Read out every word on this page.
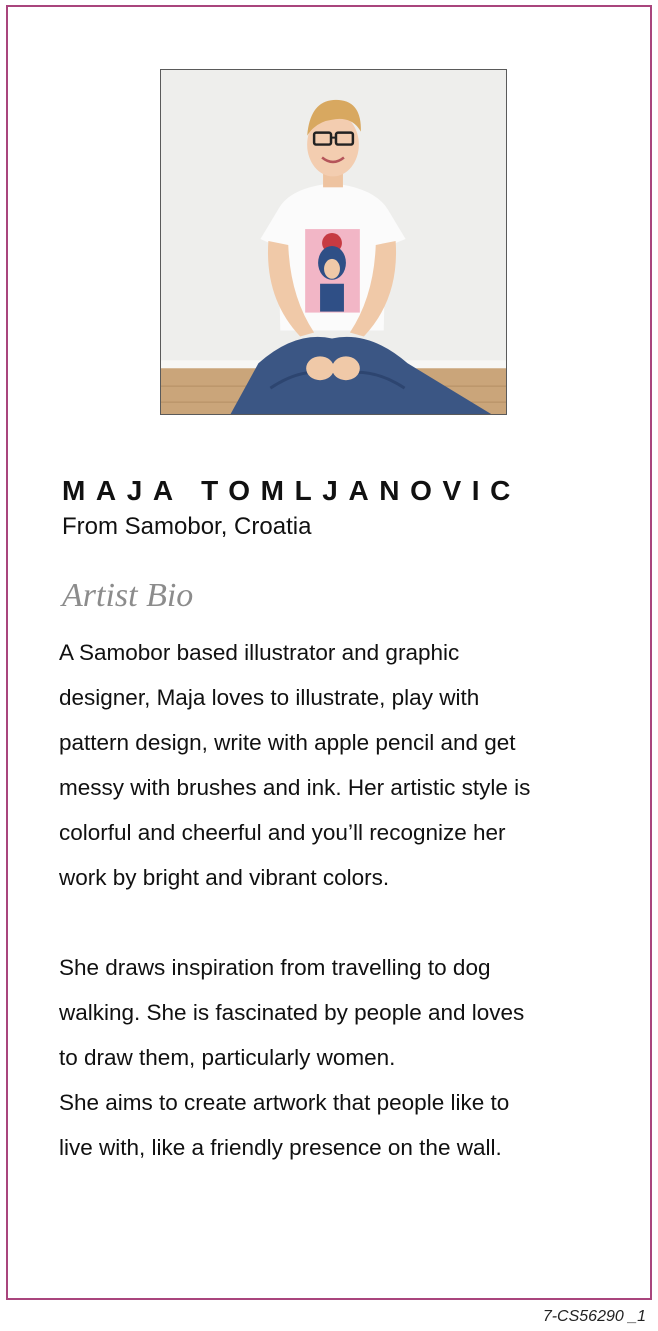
MAJA TOMLJANOVIC
From Samobor, Croatia
Artist Bio
A Samobor based illustrator and graphic
designer, Maja loves to illustrate, play with
pattern design, write with apple pencil and get
messy with brushes and ink. Her artistic style is
colorful and cheerful and you’ll recognize her
work by bright and vibrant colors.
She draws inspiration from travelling to dog
walking. She is fascinated by people and loves
to draw them, particularly women.
She aims to create artwork that people like to
live with, like a friendly presence on the wall.
7-CS56290 _1
